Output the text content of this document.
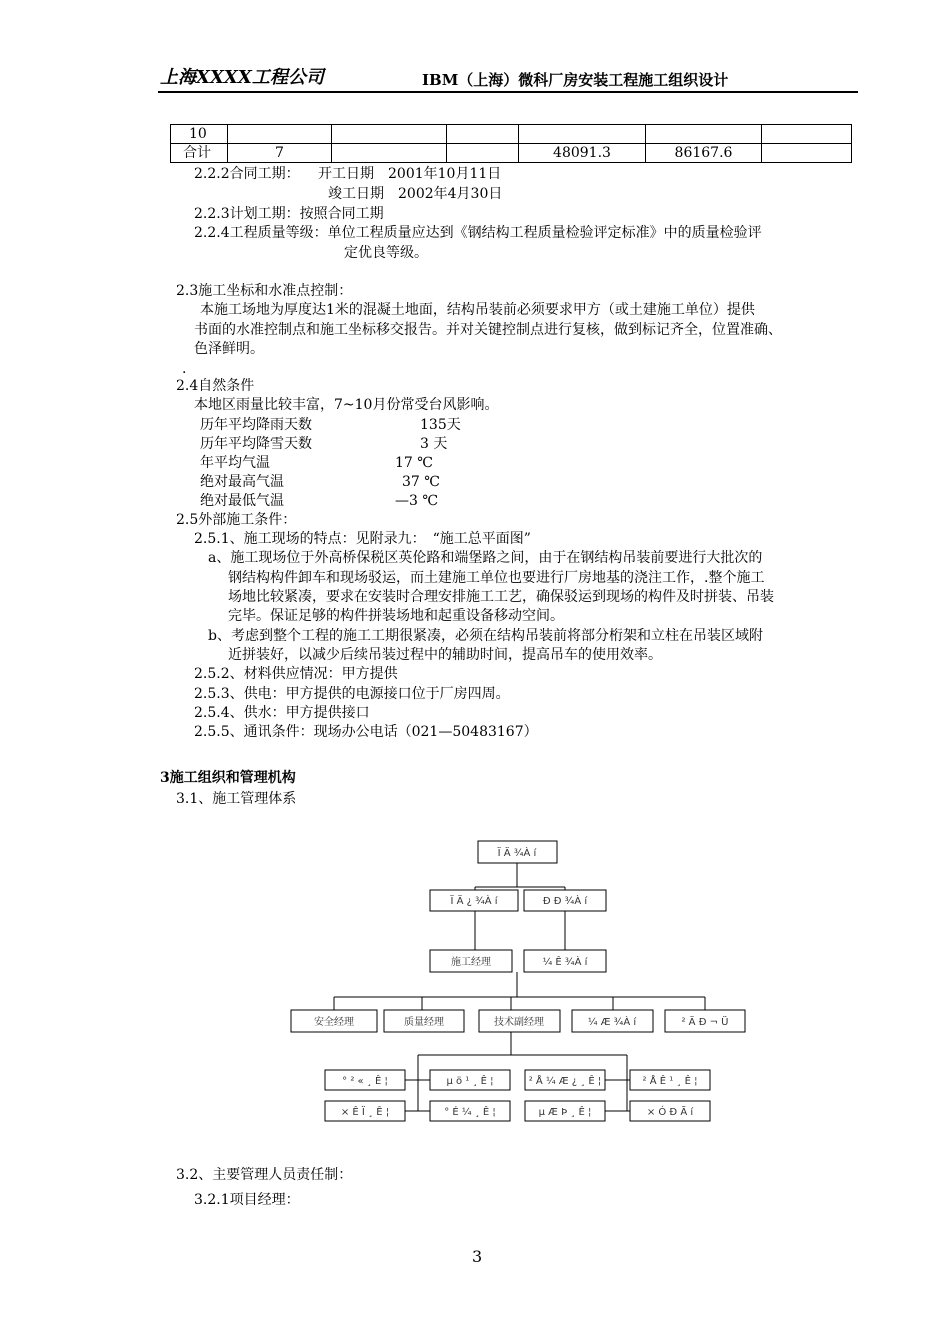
上海XXXX工程公司	IBM（上海）微科厂房安装工程施工组织设计
10						
合计	7			48091.3	86167.6	
2.2.2合同工期： 开工日期　2001年10月11日
竣工日期　2002年4月30日
2.2.3计划工期：按照合同工期
2.2.4工程质量等级：单位工程质量应达到《钢结构工程质量检验评定标准》中的质量检验评
定优良等级。
2.3施工坐标和水准点控制：
本施工场地为厚度达1米的混凝土地面，结构吊装前必须要求甲方（或土建施工单位）提供
书面的水准控制点和施工坐标移交报告。并对关键控制点进行复核，做到标记齐全，位置准确、
色泽鲜明。
.
2.4自然条件
本地区雨量比较丰富，7~10月份常受台风影响。
历年平均降雨天数	135天
历年平均降雪天数	3 天
年平均气温	17 ℃
绝对最高气温	37 ℃
绝对最低气温	—3 ℃
2.5外部施工条件：
2.5.1、施工现场的特点：见附录九：　“施工总平面图”
a、施工现场位于外高桥保税区英伦路和端堡路之间，由于在钢结构吊装前要进行大批次的
钢结构构件卸车和现场驳运，而土建施工单位也要进行厂房地基的浇注工作，.整个施工
场地比较紧凑，要求在安装时合理安排施工工艺，确保驳运到现场的构件及时拼装、吊装
完毕。保证足够的构件拼装场地和起重设备移动空间。
b、考虑到整个工程的施工工期很紧凑，必须在结构吊装前将部分桁架和立柱在吊装区域附
近拼装好，以减少后续吊装过程中的辅助时间，提高吊车的使用效率。
2.5.2、材料供应情况：甲方提供
2.5.3、供电：甲方提供的电源接口位于厂房四周。
2.5.4、供水：甲方提供接口
2.5.5、通讯条件：现场办公电话（021—50483167）
3施工组织和管理机构
3.1、施工管理体系
Ï Ä ¾À í
Ï Ä ¿ ¾À í	Ð Ð ¾À í
施工经理	¼ Ê ¾À í
安全经理	质量经理	技术副经理	¼ Æ ¾À í	² Ä Ð ¬ Ü
° ² « ¸ Ê ¦	µ ö ¹ ¸ Ê ¦	² Å ¼ Æ ¿ ¸ Ê ¦	² Å Ê ¹ ¸ Ê ¦
× Ê Ï ¸ Ê ¦	° É ¼ ¸ Ê ¦	µ Æ Þ ¸ Ê ¦	× Ó Ð Ã í
3.2、主要管理人员责任制：
3.2.1项目经理：
3
